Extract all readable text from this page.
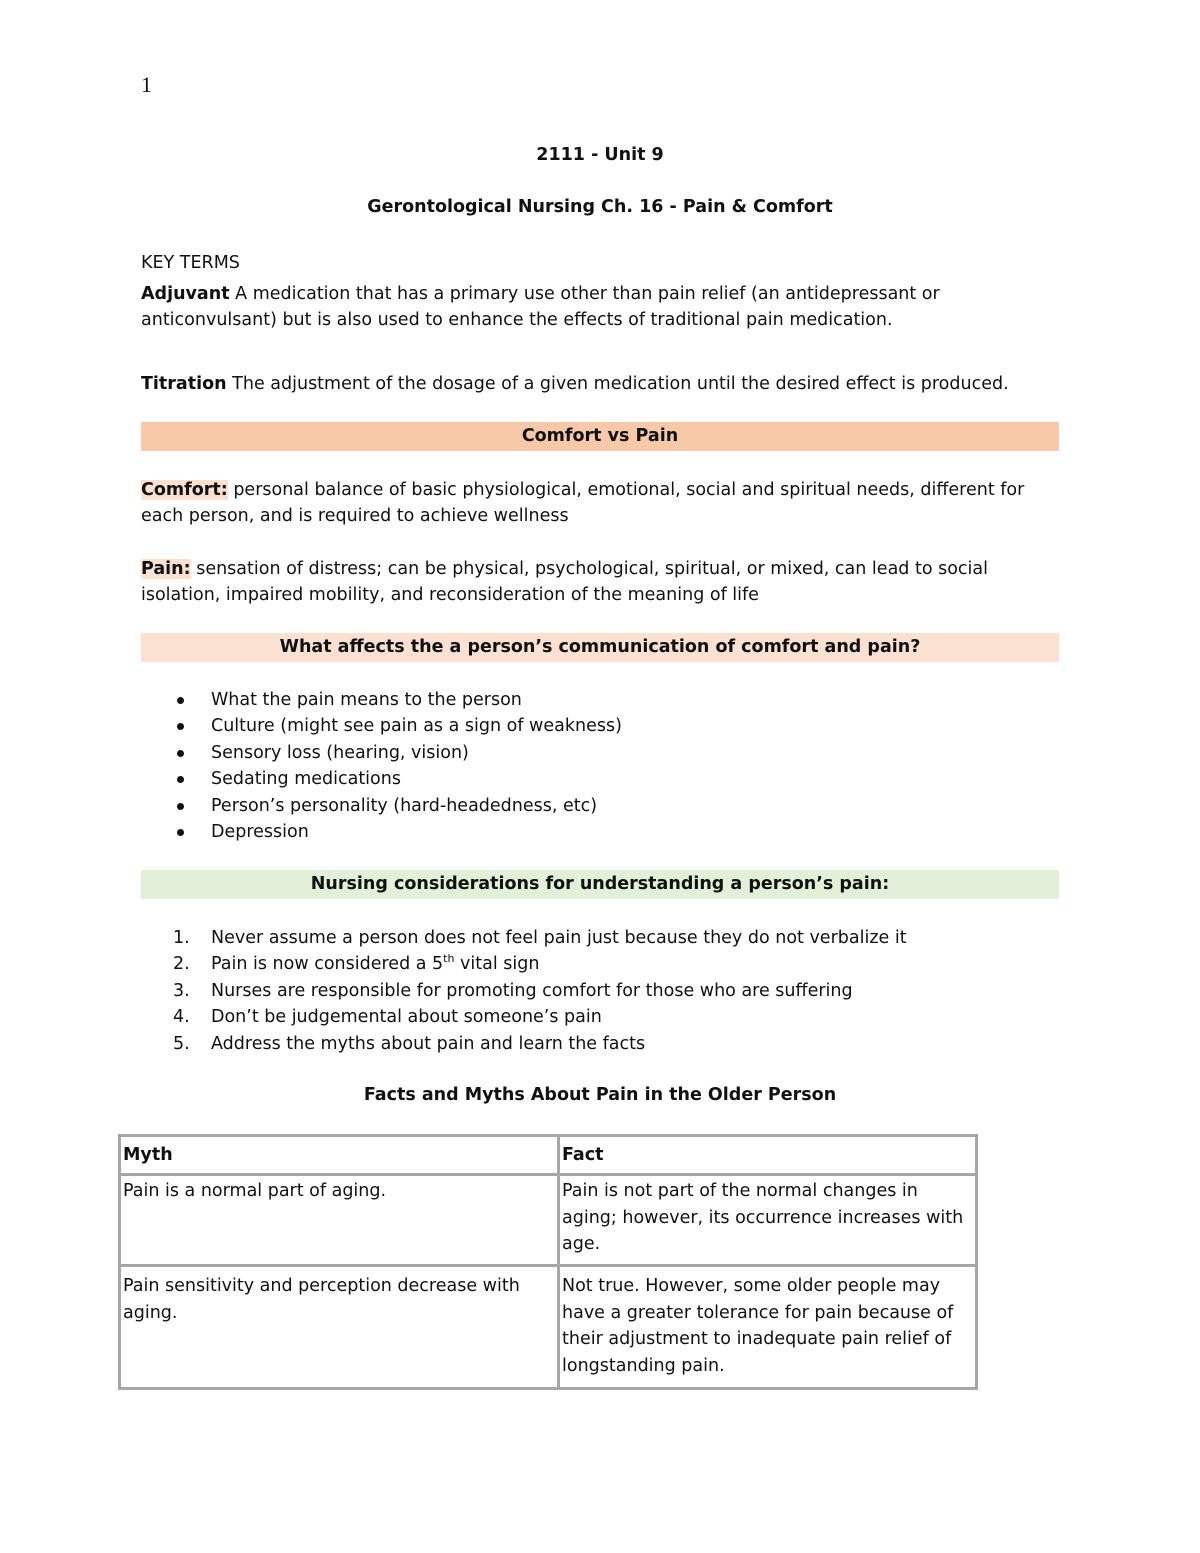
1
2111 - Unit 9
Gerontological Nursing Ch. 16 - Pain & Comfort
KEY TERMS
Adjuvant A medication that has a primary use other than pain relief (an antidepressant or anticonvulsant) but is also used to enhance the effects of traditional pain medication.
Titration The adjustment of the dosage of a given medication until the desired effect is produced.
Comfort vs Pain
Comfort: personal balance of basic physiological, emotional, social and spiritual needs, different for each person, and is required to achieve wellness
Pain: sensation of distress; can be physical, psychological, spiritual, or mixed, can lead to social isolation, impaired mobility, and reconsideration of the meaning of life
What affects the a person’s communication of comfort and pain?
What the pain means to the person
Culture (might see pain as a sign of weakness)
Sensory loss (hearing, vision)
Sedating medications
Person’s personality (hard-headedness, etc)
Depression
Nursing considerations for understanding a person’s pain:
1.	Never assume a person does not feel pain just because they do not verbalize it
2.	Pain is now considered a 5th vital sign
3.	Nurses are responsible for promoting comfort for those who are suffering
4.	Don’t be judgemental about someone’s pain
5.	Address the myths about pain and learn the facts
Facts and Myths About Pain in the Older Person
Myth	Fact
Pain is a normal part of aging.	Pain is not part of the normal changes in aging; however, its occurrence increases with age.
Pain sensitivity and perception decrease with aging.	Not true. However, some older people may have a greater tolerance for pain because of their adjustment to inadequate pain relief of longstanding pain.
